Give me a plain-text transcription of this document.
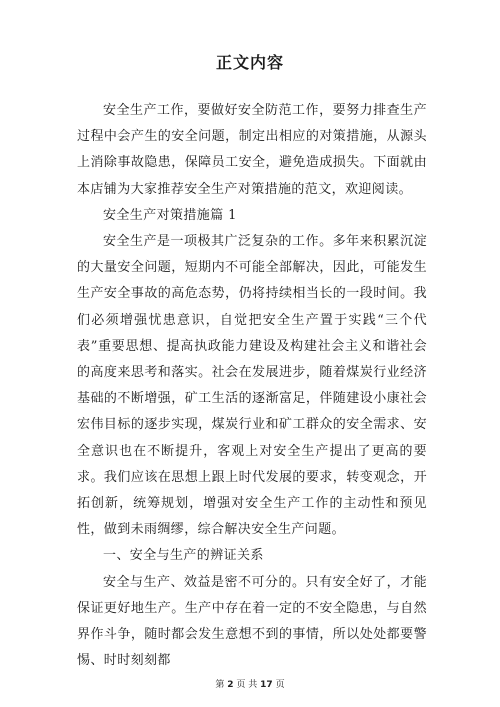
正文内容

安全生产工作，要做好安全防范工作，要努力排查生产过程中会产生的安全问题，制定出相应的对策措施，从源头上消除事故隐患，保障员工安全，避免造成损失。下面就由本店铺为大家推荐安全生产对策措施的范文，欢迎阅读。

安全生产对策措施篇 1

安全生产是一项极其广泛复杂的工作。多年来积累沉淀的大量安全问题，短期内不可能全部解决，因此，可能发生生产安全事故的高危态势，仍将持续相当长的一段时间。我们必须增强忧患意识，自觉把安全生产置于实践“三个代表”重要思想、提高执政能力建设及构建社会主义和谐社会的高度来思考和落实。社会在发展进步，随着煤炭行业经济基础的不断增强，矿工生活的逐渐富足，伴随建设小康社会宏伟目标的逐步实现，煤炭行业和矿工群众的安全需求、安全意识也在不断提升，客观上对安全生产提出了更高的要求。我们应该在思想上跟上时代发展的要求，转变观念，开拓创新，统筹规划，增强对安全生产工作的主动性和预见性，做到未雨绸缪，综合解决安全生产问题。

一、安全与生产的辨证关系

安全与生产、效益是密不可分的。只有安全好了，才能保证更好地生产。生产中存在着一定的不安全隐患，与自然界作斗争，随时都会发生意想不到的事情，所以处处都要警惕、时时刻刻都

第 2 页 共 17 页
